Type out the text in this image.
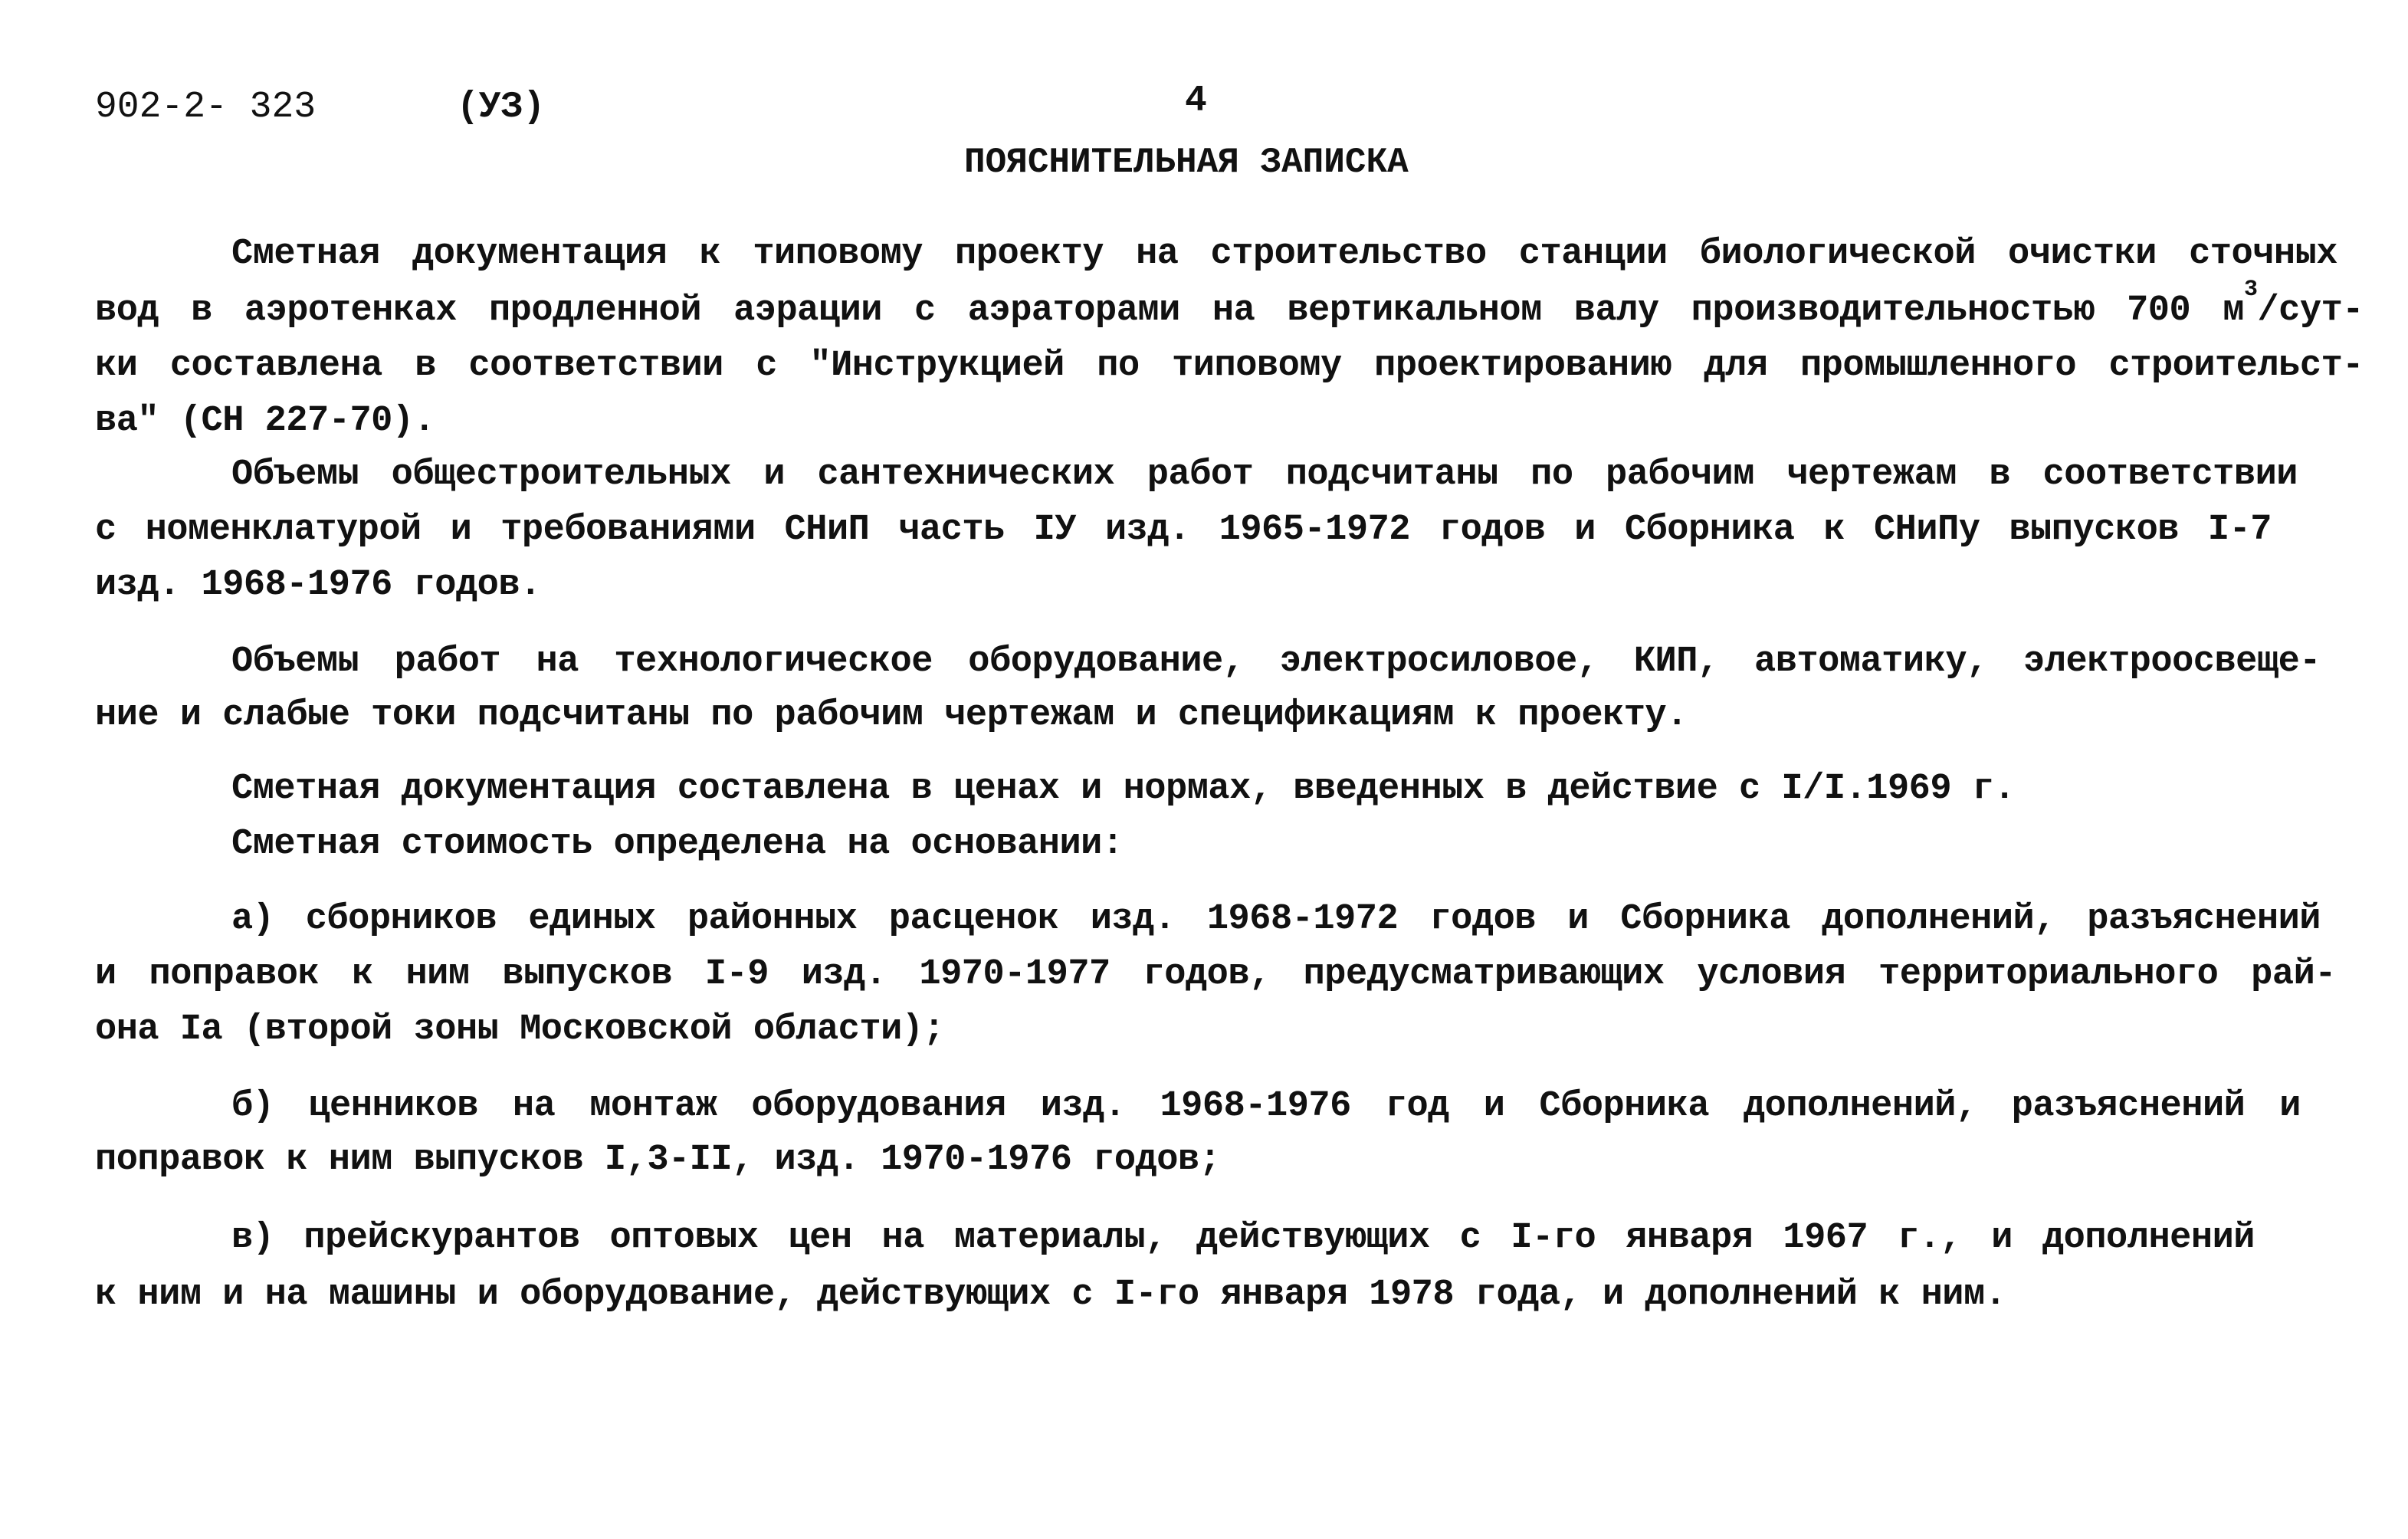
902-2- 323	(УЗ)	4
ПОЯСНИТЕЛЬНАЯ ЗАПИСКА
Сметная документация к типовому проекту на строительство станции биологической очистки сточных
вод в аэротенках продленной аэрации с аэраторами на вертикальном валу производительностью 700 м
3
/сут-
ки составлена в соответствии с "Инструкцией по типовому проектированию для промышленного строительст-
ва" (СН 227-70).
Объемы общестроительных и сантехнических работ подсчитаны по рабочим чертежам в соответствии
с номенклатурой и требованиями СНиП часть IУ изд. 1965-1972 годов и Сборника к СНиПу выпусков I-7
изд. 1968-1976 годов.
Объемы работ на технологическое оборудование, электросиловое, КИП, автоматику, электроосвеще-
ние и слабые токи подсчитаны по рабочим чертежам и спецификациям к проекту.
Сметная документация составлена в ценах и нормах, введенных в действие с I/I.1969 г.
Сметная стоимость определена на основании:
а) сборников единых районных расценок изд. 1968-1972 годов и Сборника дополнений, разъяснений
и поправок к ним выпусков I-9 изд. 1970-1977 годов, предусматривающих условия территориального рай-
она Iа (второй зоны Московской области);
б) ценников на монтаж оборудования изд. 1968-1976 год и Сборника дополнений, разъяснений и
поправок к ним выпусков I,3-II, изд. 1970-1976 годов;
в) прейскурантов оптовых цен на материалы, действующих с I-го января 1967 г., и дополнений
к ним и на машины и оборудование, действующих с I-го января 1978 года, и дополнений к ним.
